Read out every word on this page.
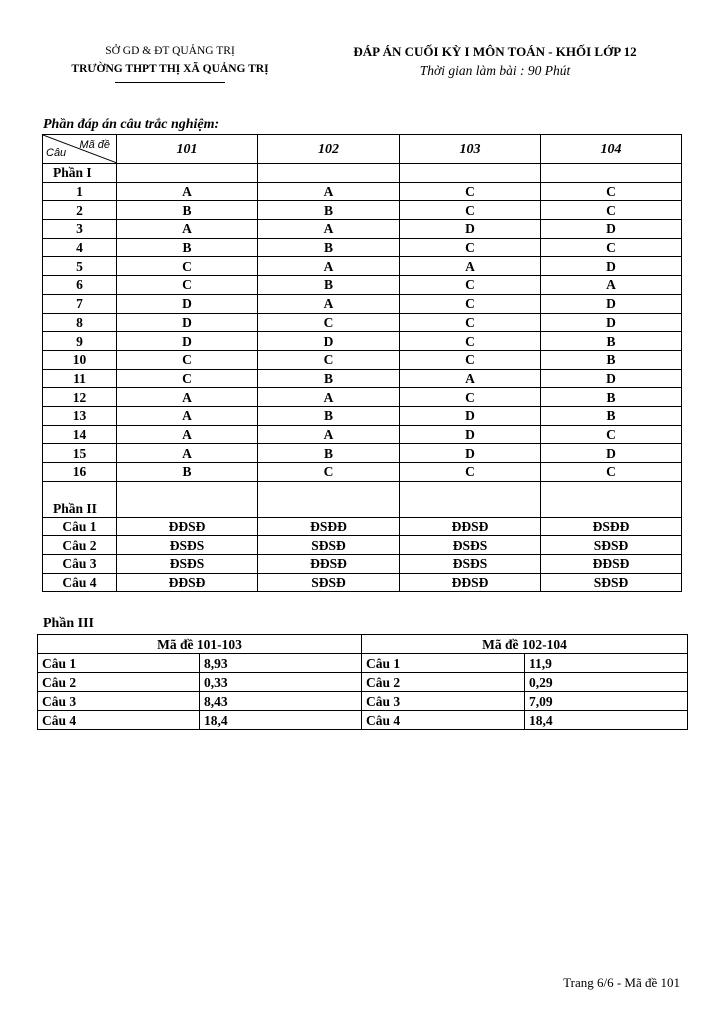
SỞ GD & ĐT QUẢNG TRỊ
TRƯỜNG THPT THỊ XÃ QUẢNG TRỊ
ĐÁP ÁN CUỐI KỲ I MÔN TOÁN - KHỐI LỚP 12
Thời gian làm bài : 90 Phút
Phần đáp án câu trắc nghiệm:
Mã đề
Câu	101	102	103	104
Phần I				
1	A	A	C	C
2	B	B	C	C
3	A	A	D	D
4	B	B	C	C
5	C	A	A	D
6	C	B	C	A
7	D	A	C	D
8	D	C	C	D
9	D	D	C	B
10	C	C	C	B
11	C	B	A	D
12	A	A	C	B
13	A	B	D	B
14	A	A	D	C
15	A	B	D	D
16	B	C	C	C
Phần II				
Câu 1	ĐĐSĐ	ĐSĐĐ	ĐĐSĐ	ĐSĐĐ
Câu 2	ĐSĐS	SĐSĐ	ĐSĐS	SĐSĐ
Câu 3	ĐSĐS	ĐĐSĐ	ĐSĐS	ĐĐSĐ
Câu 4	ĐĐSĐ	SĐSĐ	ĐĐSĐ	SĐSĐ
Phần III
Mã đề 101-103		Mã đề 102-104	
Câu 1	8,93	Câu 1	11,9
Câu 2	0,33	Câu 2	0,29
Câu 3	8,43	Câu 3	7,09
Câu 4	18,4	Câu 4	18,4
Trang 6/6 - Mã đề 101
